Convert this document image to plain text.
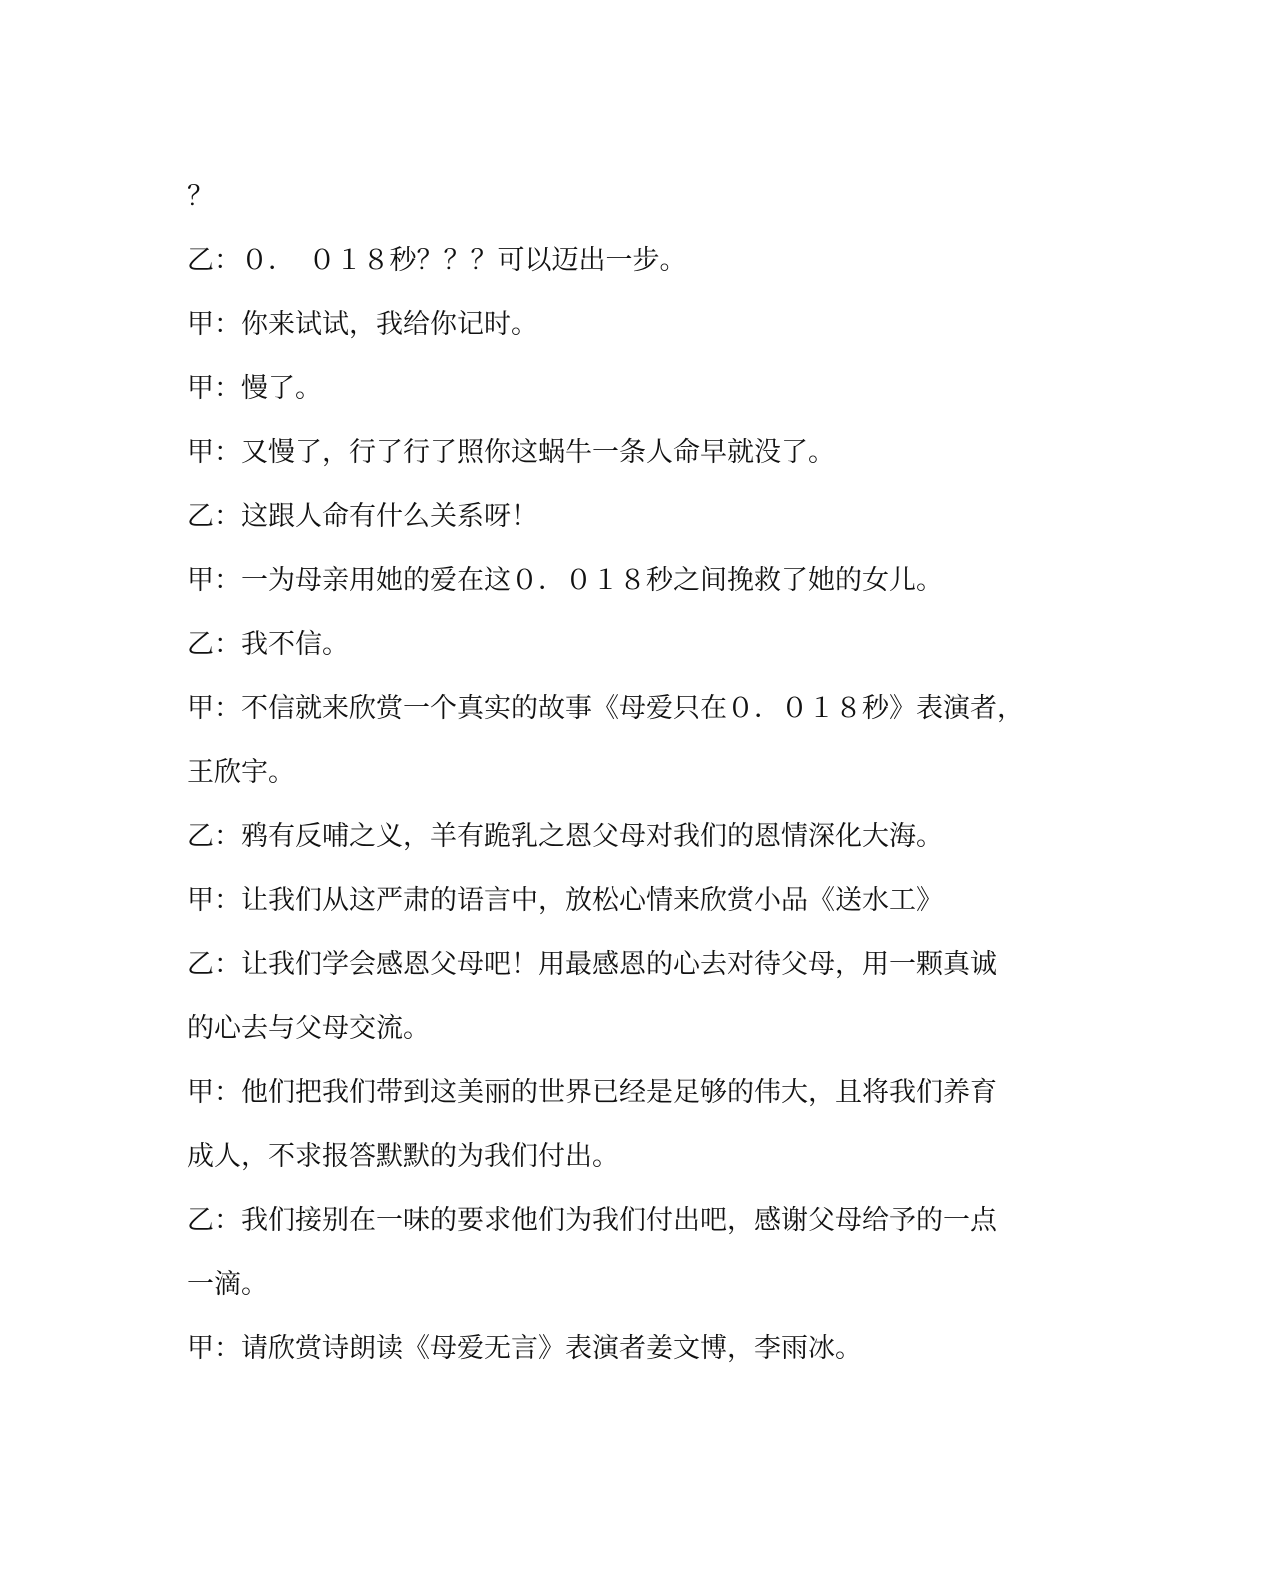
？
乙：０．　０１８秒？？？可以迈出一步。
甲：你来试试，我给你记时。
甲：慢了。
甲：又慢了，行了行了照你这蜗牛一条人命早就没了。
乙：这跟人命有什么关系呀！
甲：一为母亲用她的爱在这０．０１８秒之间挽救了她的女儿。
乙：我不信。
甲：不信就来欣赏一个真实的故事《母爱只在０．０１８秒》表演者，
王欣宇。
乙：鸦有反哺之义，羊有跪乳之恩父母对我们的恩情深化大海。
甲：让我们从这严肃的语言中，放松心情来欣赏小品《送水工》
乙：让我们学会感恩父母吧！用最感恩的心去对待父母，用一颗真诚
的心去与父母交流。
甲：他们把我们带到这美丽的世界已经是足够的伟大，且将我们养育
成人，不求报答默默的为我们付出。
乙：我们接别在一味的要求他们为我们付出吧，感谢父母给予的一点
一滴。
甲：请欣赏诗朗读《母爱无言》表演者姜文博，李雨冰。
